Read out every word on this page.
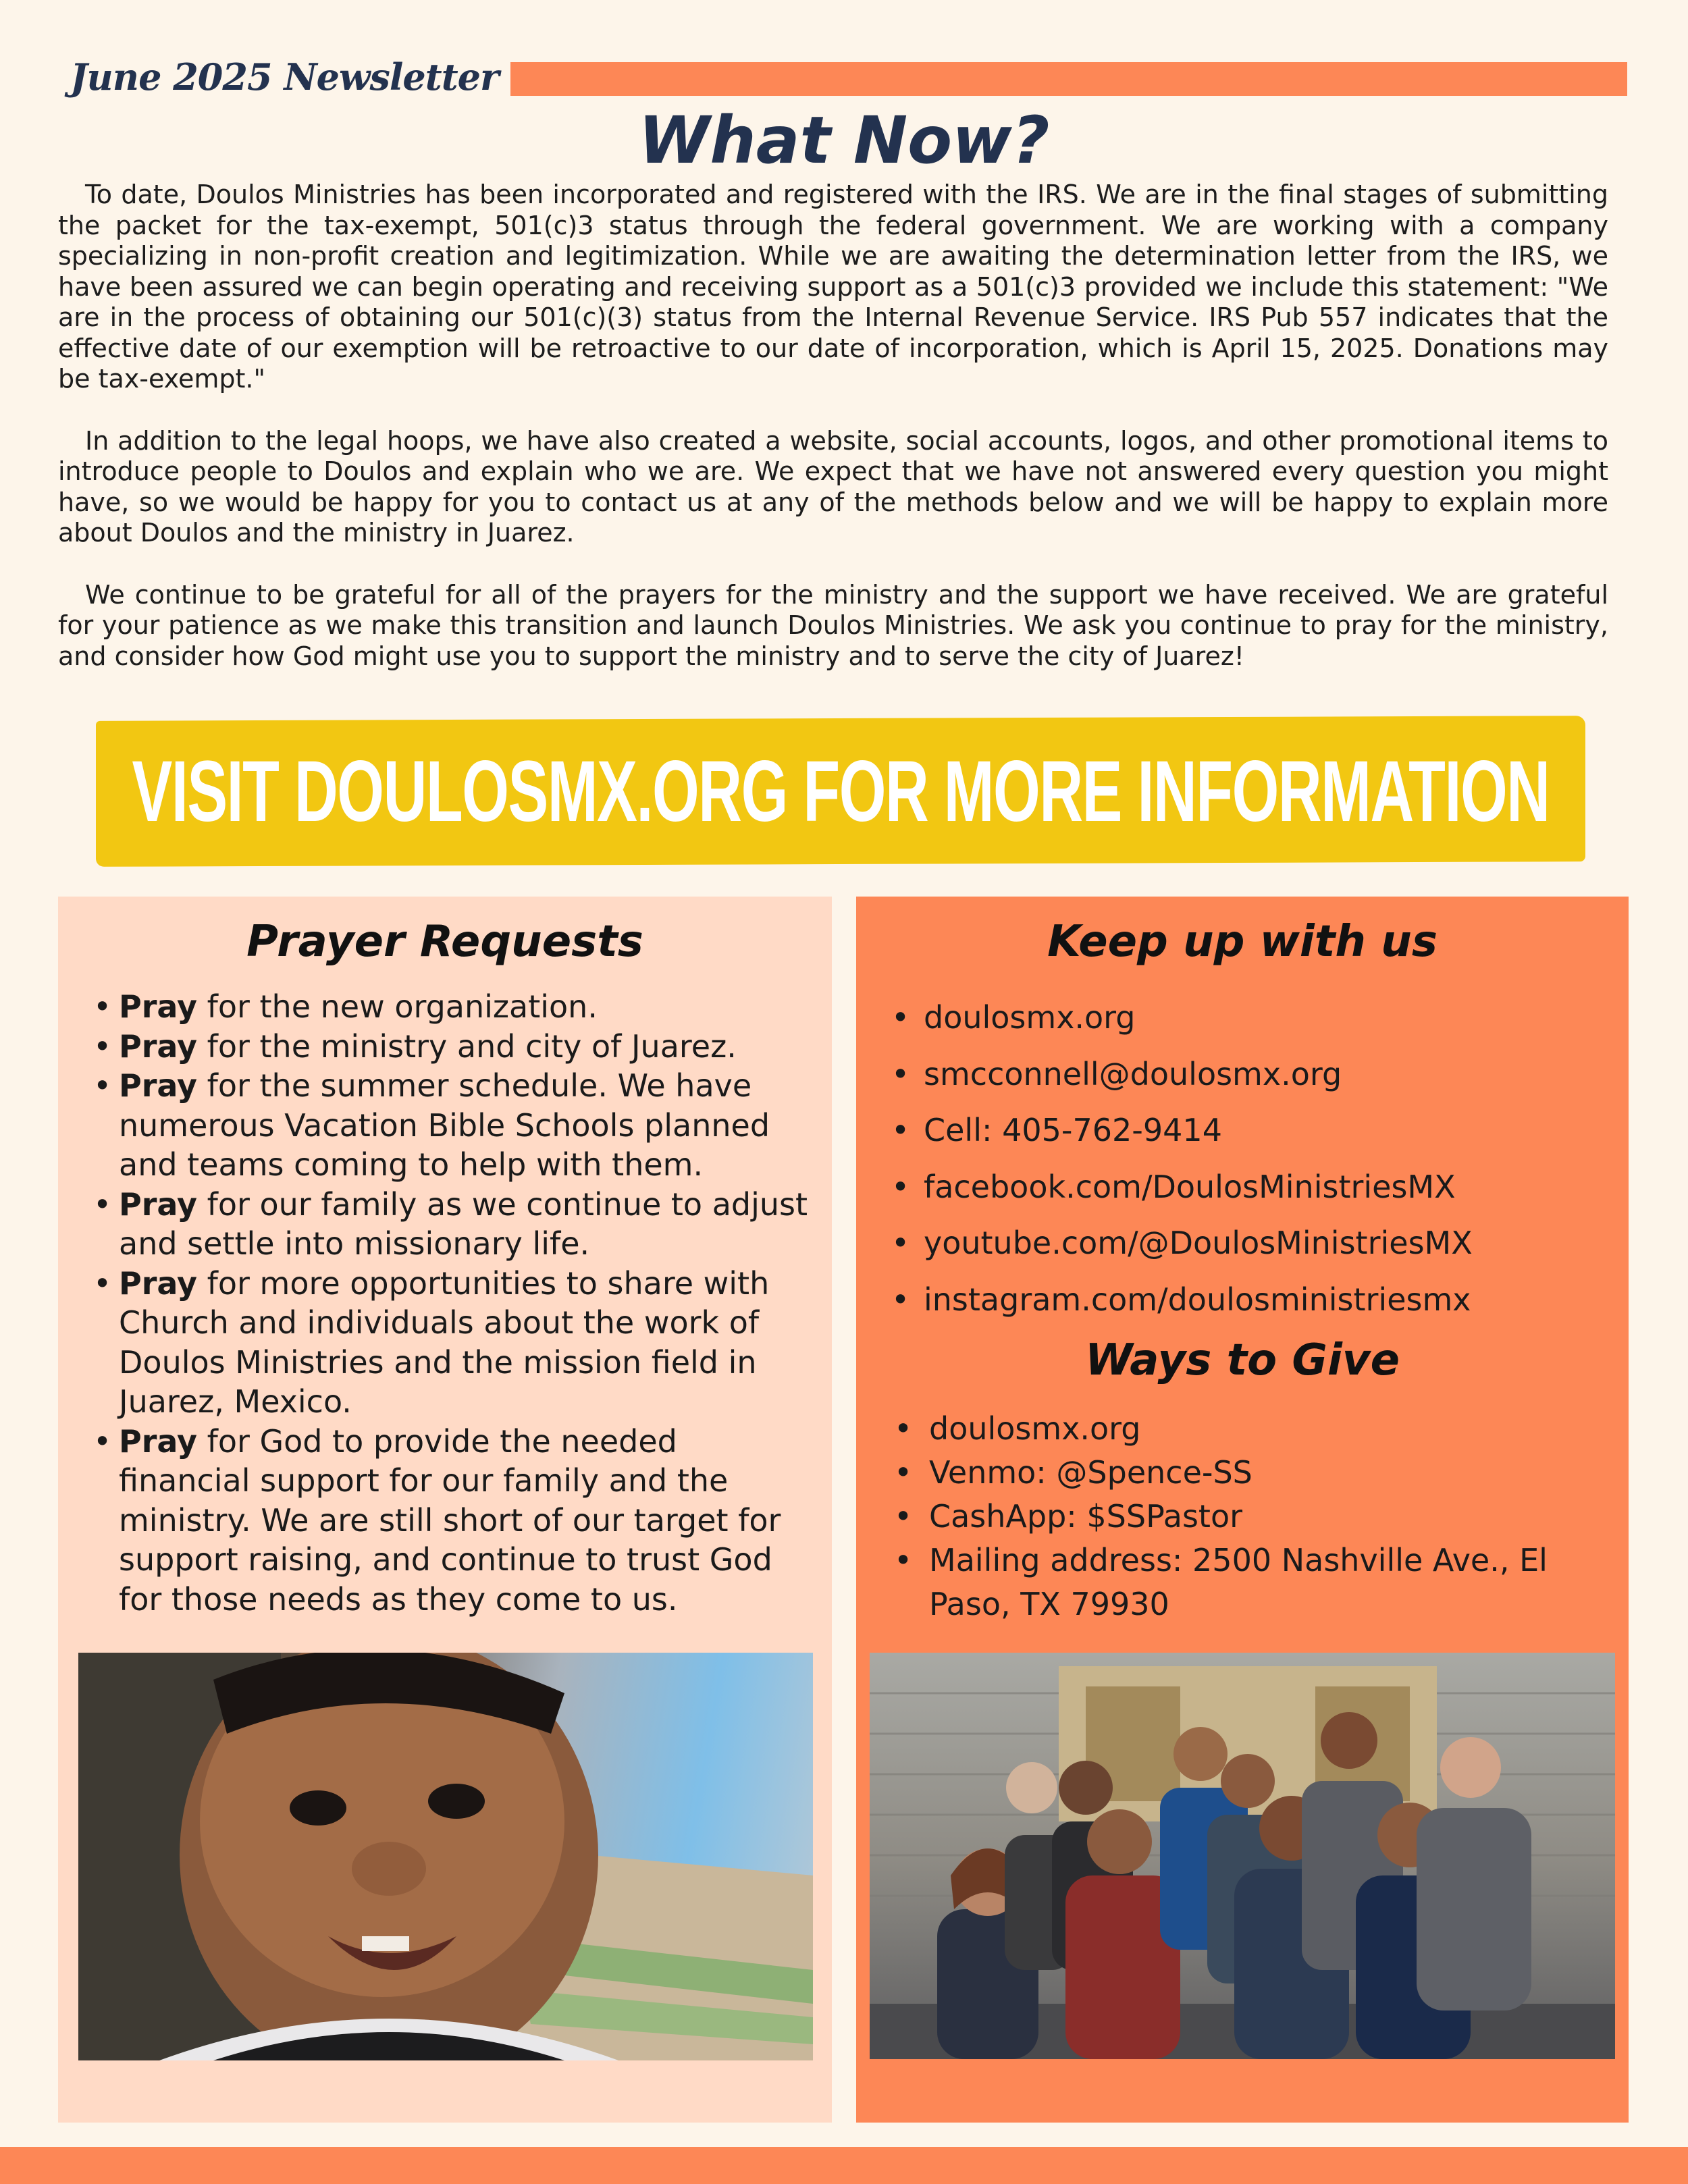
June 2025 Newsletter
What Now?

To date, Doulos Ministries has been incorporated and registered with the IRS. We are in the final stages of submitting the packet for the tax-exempt, 501(c)3 status through the federal government. We are working with a company specializing in non-profit creation and legitimization. While we are awaiting the determination letter from the IRS, we have been assured we can begin operating and receiving support as a 501(c)3 provided we include this statement: "We are in the process of obtaining our 501(c)(3) status from the Internal Revenue Service. IRS Pub 557 indicates that the effective date of our exemption will be retroactive to our date of incorporation, which is April 15, 2025. Donations may be tax-exempt."

In addition to the legal hoops, we have also created a website, social accounts, logos, and other promotional items to introduce people to Doulos and explain who we are. We expect that we have not answered every question you might have, so we would be happy for you to contact us at any of the methods below and we will be happy to explain more about Doulos and the ministry in Juarez.

We continue to be grateful for all of the prayers for the ministry and the support we have received. We are grateful for your patience as we make this transition and launch Doulos Ministries. We ask you continue to pray for the ministry, and consider how God might use you to support the ministry and to serve the city of Juarez!

VISIT DOULOSMX.ORG FOR MORE INFORMATION
Prayer Requests
• Pray for the new organization.
• Pray for the ministry and city of Juarez.
• Pray for the summer schedule. We have numerous Vacation Bible Schools planned and teams coming to help with them.
• Pray for our family as we continue to adjust and settle into missionary life.
• Pray for more opportunities to share with Church and individuals about the work of Doulos Ministries and the mission field in Juarez, Mexico.
• Pray for God to provide the needed financial support for our family and the ministry. We are still short of our target for support raising, and continue to trust God for those needs as they come to us.
Keep up with us
• doulosmx.org
• smcconnell@doulosmx.org
• Cell: 405-762-9414
• facebook.com/DoulosMinistriesMX
• youtube.com/@DoulosMinistriesMX
• instagram.com/doulosministriesmx
Ways to Give
• doulosmx.org
• Venmo: @Spence-SS
• CashApp: $SSPastor
• Mailing address: 2500 Nashville Ave., El Paso, TX 79930
